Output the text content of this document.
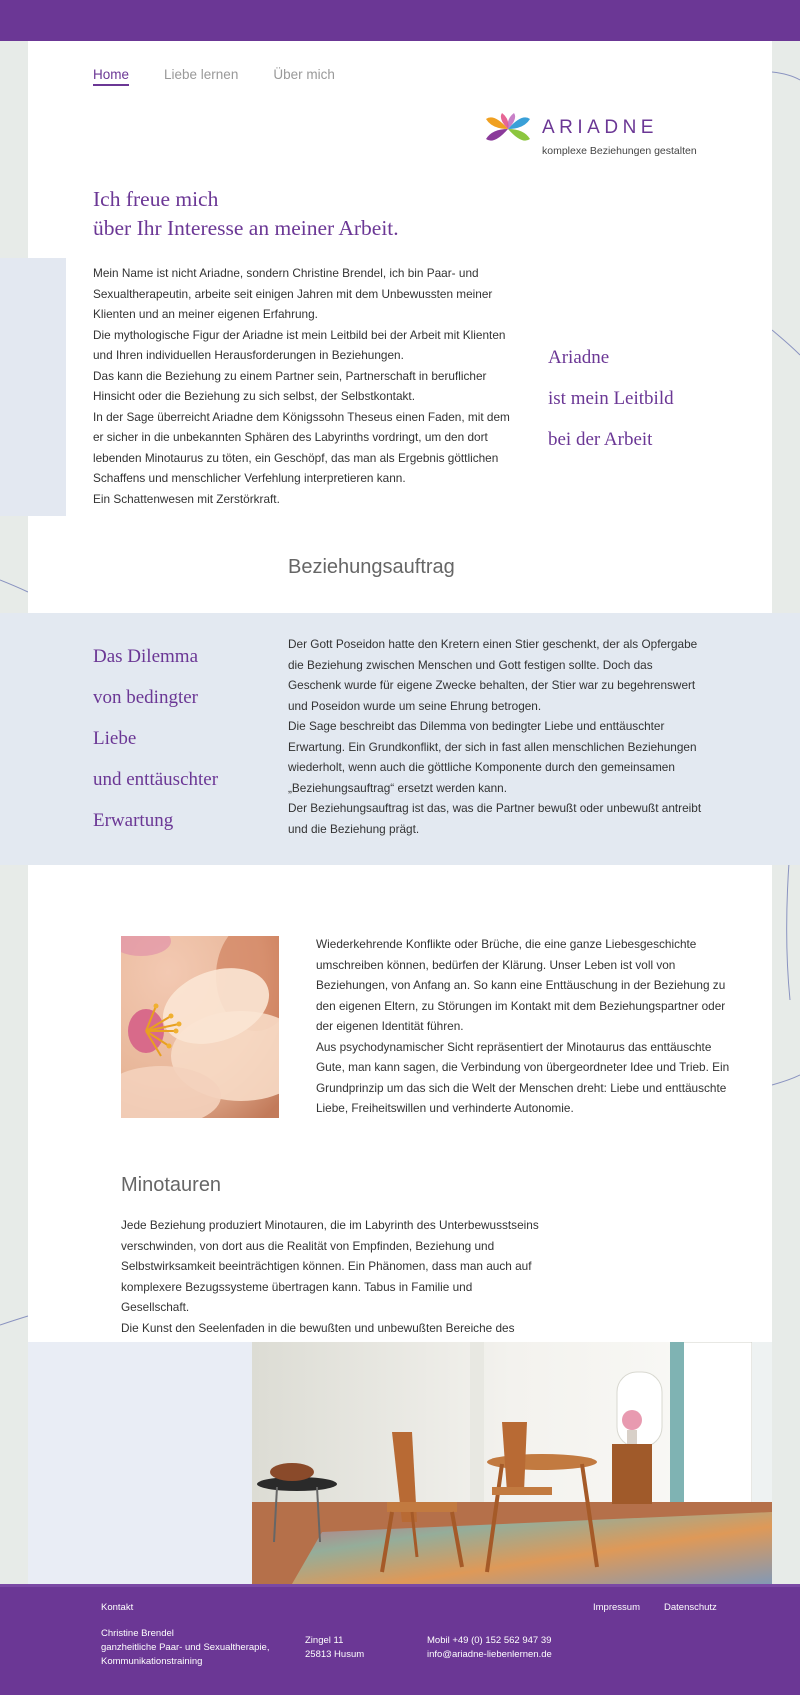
Home	Liebe lernen	Über mich
ARIADNE
komplexe Beziehungen gestalten
Ich freue mich
über Ihr Interesse an meiner Arbeit.

Mein Name ist nicht Ariadne, sondern Christine Brendel, ich bin Paar- und Sexualtherapeutin, arbeite seit einigen Jahren mit dem Unbewussten meiner Klienten und an meiner eigenen Erfahrung.

Die mythologische Figur der Ariadne ist mein Leitbild bei der Arbeit mit Klienten und Ihren individuellen Herausforderungen in Beziehungen.

Das kann die Beziehung zu einem Partner sein, Partnerschaft in beruflicher Hinsicht oder die Beziehung zu sich selbst, der Selbstkontakt.

In der Sage überreicht Ariadne dem Königssohn Theseus einen Faden, mit dem er sicher in die unbekannten Sphären des Labyrinths vordringt, um den dort lebenden Minotaurus zu töten, ein Geschöpf, das man als Ergebnis göttlichen Schaffens und menschlicher Verfehlung interpretieren kann.

Ein Schattenwesen mit Zerstörkraft.

Ariadne
ist mein Leitbild
bei der Arbeit
Beziehungsauftrag

Wiederkehrende Konflikte oder Brüche, die eine ganze Liebesgeschichte umschreiben können, bedürfen der Klärung. Unser Leben ist voll von Beziehungen, von Anfang an. So kann eine Enttäuschung in der Beziehung zu den eigenen Eltern, zu Störungen im Kontakt mit dem Beziehungspartner oder der eigenen Identität führen.

Aus psychodynamischer Sicht repräsentiert der Minotaurus das enttäuschte Gute, man kann sagen, die Verbindung von übergeordneter Idee und Trieb. Ein Grundprinzip um das sich die Welt der Menschen dreht: Liebe und enttäuschte Liebe, Freiheitswillen und verhinderte Autonomie.

Minotauren

Jede Beziehung produziert Minotauren, die im Labyrinth des Unterbewusstseins verschwinden, von dort aus die Realität von Empfinden, Beziehung und Selbstwirksamkeit beeinträchtigen können. Ein Phänomen, dass man auch auf komplexere Bezugssysteme übertragen kann. Tabus in Familie und Gesellschaft.

Die Kunst den Seelenfaden in die bewußten und unbewußten Bereiche des

Das Dilemma
von bedingter
Liebe
und enttäuschter
Erwartung

Der Gott Poseidon hatte den Kretern einen Stier geschenkt, der als Opfergabe die Beziehung zwischen Menschen und Gott festigen sollte. Doch das Geschenk wurde für eigene Zwecke behalten, der Stier war zu begehrenswert und Poseidon wurde um seine Ehrung betrogen.

Die Sage beschreibt das Dilemma von bedingter Liebe und enttäuschter Erwartung. Ein Grundkonflikt, der sich in fast allen menschlichen Beziehungen wiederholt, wenn auch die göttliche Komponente durch den gemeinsamen „Beziehungsauftrag“ ersetzt werden kann.

Der Beziehungsauftrag ist das, was die Partner bewußt oder unbewußt antreibt und die Beziehung prägt.

Kontakt
Christine Brendel
ganzheitliche Paar- und Sexualtherapie,
Kommunikationstraining
Zingel 11
25813 Husum
Mobil +49 (0) 152 562 947 39
info@ariadne-liebenlernen.de
Impressum	Datenschutz
